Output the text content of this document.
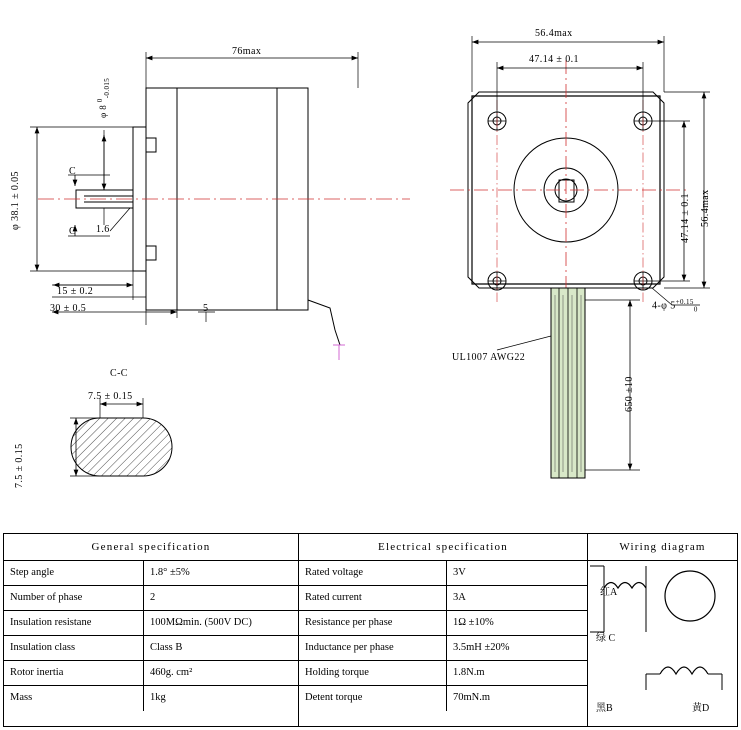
76max
φ 8 $^0_{-0.015}$
φ 38.1 ± 0.05	C
C 1.6
15 ± 0.2
30 ± 0.5	5
C-C
7.5 ± 0.15
7.5 ± 0.15
56.4max
47.14 ± 0.1
47.14 ± 0.1 56.4max
4-φ $5^{+0.15}_0$
UL1007 AWG22
650 ±10
General specification
Step angle	1.8° ±5%
Number of phase	2
Insulation resistane	100MΩmin. (500V DC)
Insulation class	Class B
Rotor inertia	460g. cm²
Mass	1kg
Electrical specification
Rated voltage	3V
Rated current	3A
Resistance per phase	1Ω ±10%
Inductance per phase	3.5mH ±20%
Holding torque	1.8N.m
Detent torque	70mN.m
Wiring diagram
红A
绿 C
黑B	黄D
